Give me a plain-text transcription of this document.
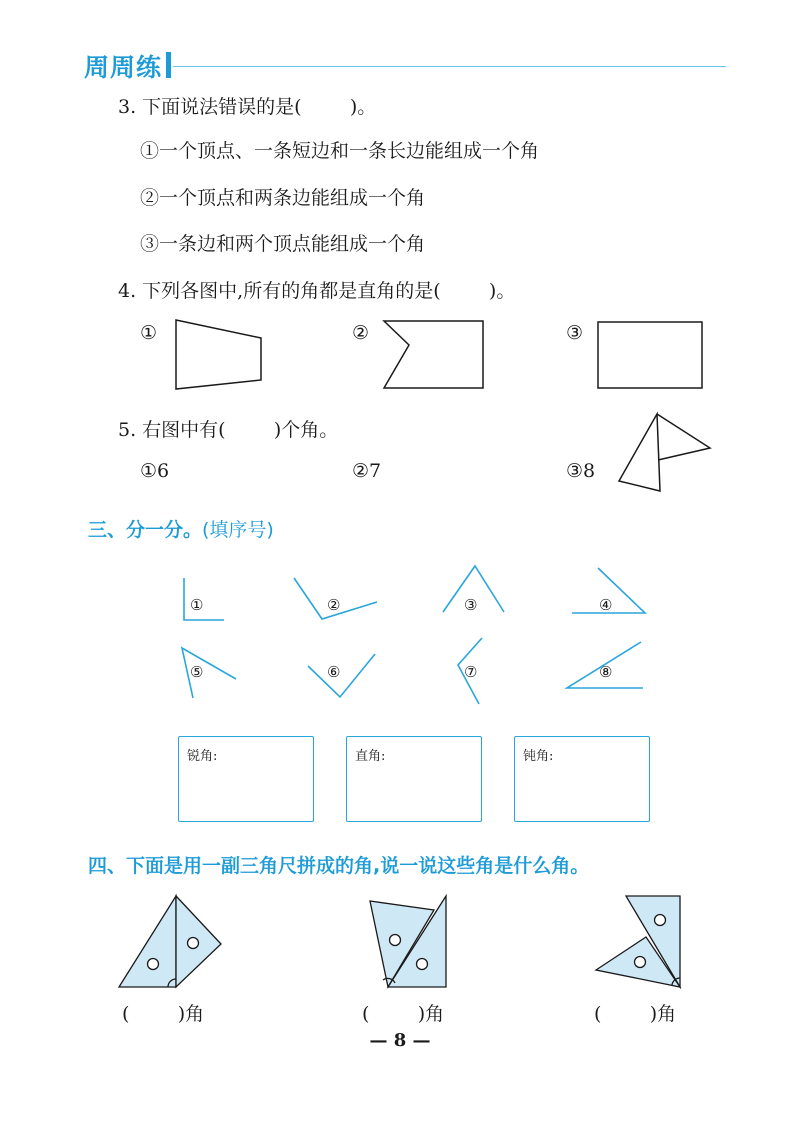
周周练
3. 下面说法错误的是(        )。
①一个顶点、一条短边和一条长边能组成一个角
②一个顶点和两条边能组成一个角
③一条边和两个顶点能组成一个角
4. 下列各图中,所有的角都是直角的是(        )。
①	②	③
5. 右图中有(        )个角。
①6	②7	③8
三、分一分。(填序号)
①	②	③	④
⑤	⑥	⑦	⑧
锐角:	直角:	钝角:
四、下面是用一副三角尺拼成的角,说一说这些角是什么角。
(        )角	(        )角	(        )角
— 8 —
